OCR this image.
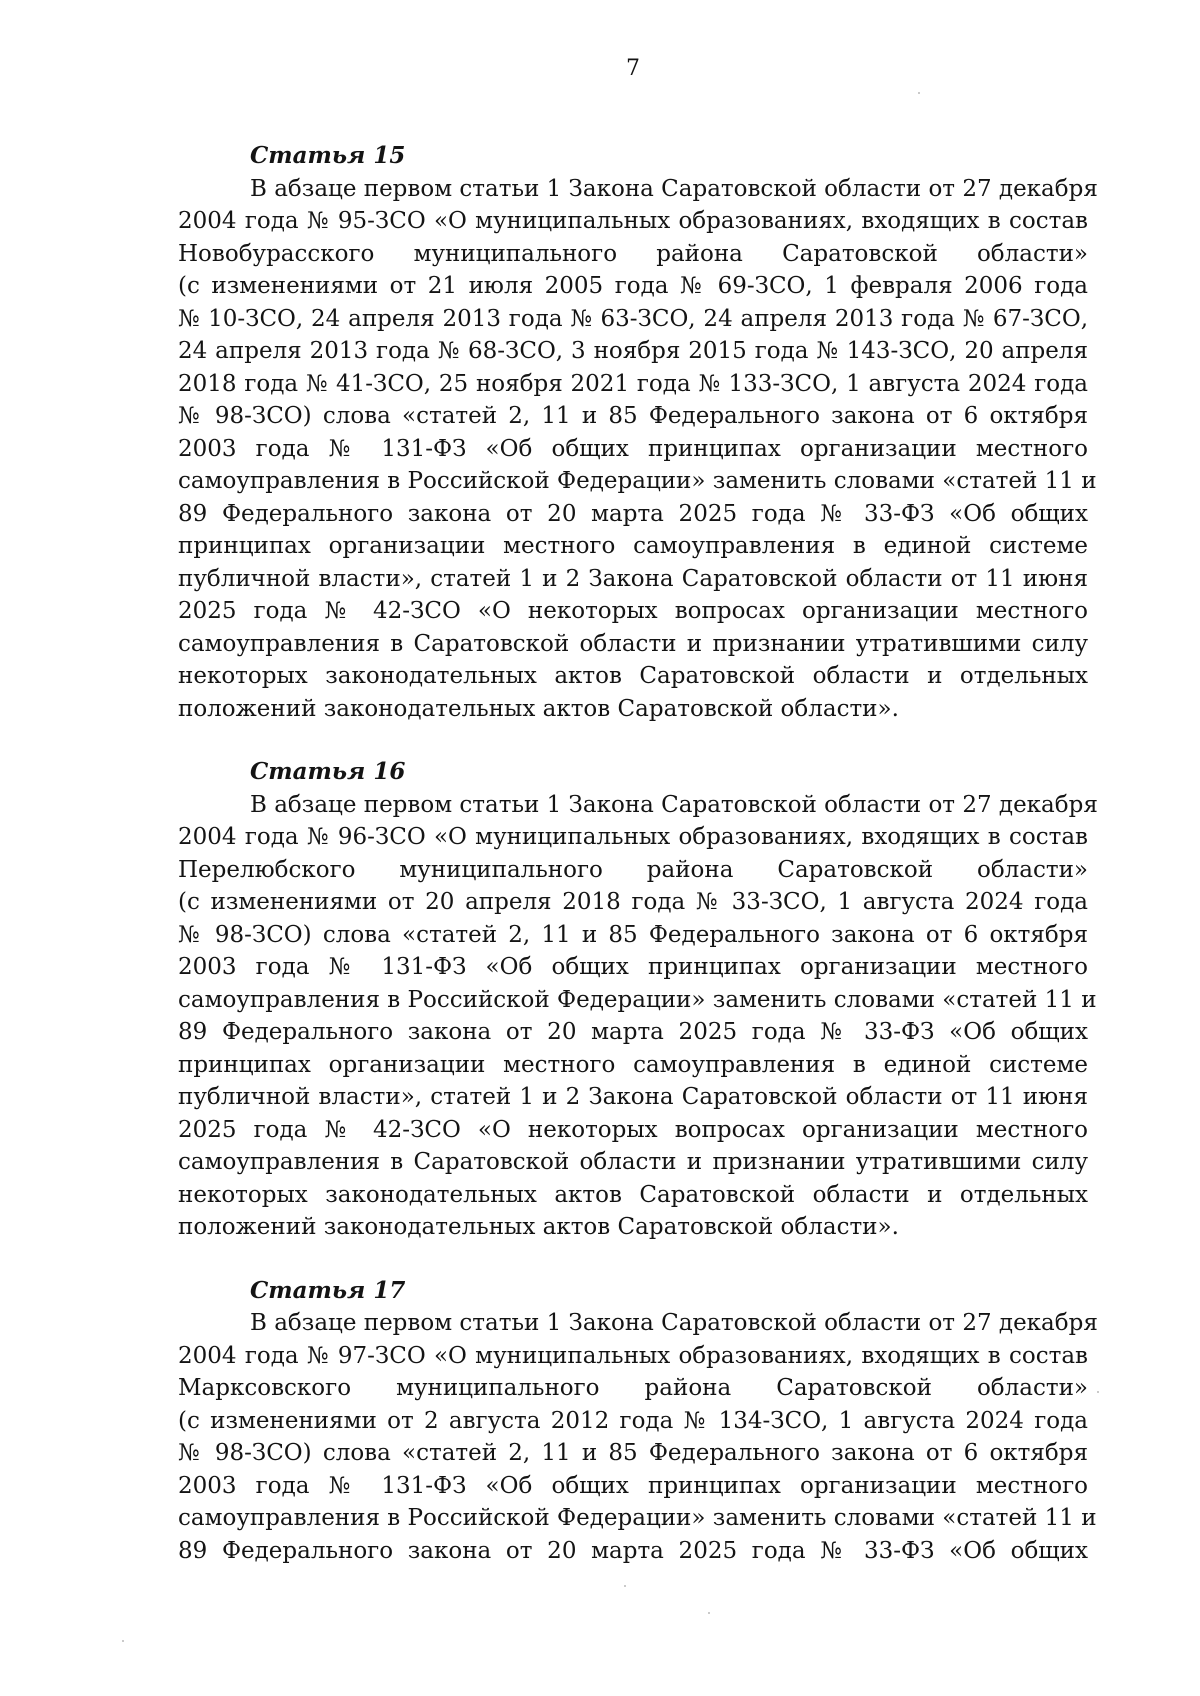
7
Статья 15
В абзаце первом статьи 1 Закона Саратовской области от 27 декабря
2004 года № 95-ЗСО «О муниципальных образованиях, входящих в состав
Новобурасского муниципального района Саратовской области»
(с изменениями от 21 июля 2005 года № 69-ЗСО, 1 февраля 2006 года
№ 10-ЗСО, 24 апреля 2013 года № 63-ЗСО, 24 апреля 2013 года № 67-ЗСО,
24 апреля 2013 года № 68-ЗСО, 3 ноября 2015 года № 143-ЗСО, 20 апреля
2018 года № 41-ЗСО, 25 ноября 2021 года № 133-ЗСО, 1 августа 2024 года
№ 98-ЗСО) слова «статей 2, 11 и 85 Федерального закона от 6 октября
2003 года № 131-ФЗ «Об общих принципах организации местного
самоуправления в Российской Федерации» заменить словами «статей 11 и
89 Федерального закона от 20 марта 2025 года № 33-ФЗ «Об общих
принципах организации местного самоуправления в единой системе
публичной власти», статей 1 и 2 Закона Саратовской области от 11 июня
2025 года № 42-ЗСО «О некоторых вопросах организации местного
самоуправления в Саратовской области и признании утратившими силу
некоторых законодательных актов Саратовской области и отдельных
положений законодательных актов Саратовской области».
Статья 16
В абзаце первом статьи 1 Закона Саратовской области от 27 декабря
2004 года № 96-ЗСО «О муниципальных образованиях, входящих в состав
Перелюбского муниципального района Саратовской области»
(с изменениями от 20 апреля 2018 года № 33-ЗСО, 1 августа 2024 года
№ 98-ЗСО) слова «статей 2, 11 и 85 Федерального закона от 6 октября
2003 года № 131-ФЗ «Об общих принципах организации местного
самоуправления в Российской Федерации» заменить словами «статей 11 и
89 Федерального закона от 20 марта 2025 года № 33-ФЗ «Об общих
принципах организации местного самоуправления в единой системе
публичной власти», статей 1 и 2 Закона Саратовской области от 11 июня
2025 года № 42-ЗСО «О некоторых вопросах организации местного
самоуправления в Саратовской области и признании утратившими силу
некоторых законодательных актов Саратовской области и отдельных
положений законодательных актов Саратовской области».
Статья 17
В абзаце первом статьи 1 Закона Саратовской области от 27 декабря
2004 года № 97-ЗСО «О муниципальных образованиях, входящих в состав
Марксовского муниципального района Саратовской области»
(с изменениями от 2 августа 2012 года № 134-ЗСО, 1 августа 2024 года
№ 98-ЗСО) слова «статей 2, 11 и 85 Федерального закона от 6 октября
2003 года № 131-ФЗ «Об общих принципах организации местного
самоуправления в Российской Федерации» заменить словами «статей 11 и
89 Федерального закона от 20 марта 2025 года № 33-ФЗ «Об общих
